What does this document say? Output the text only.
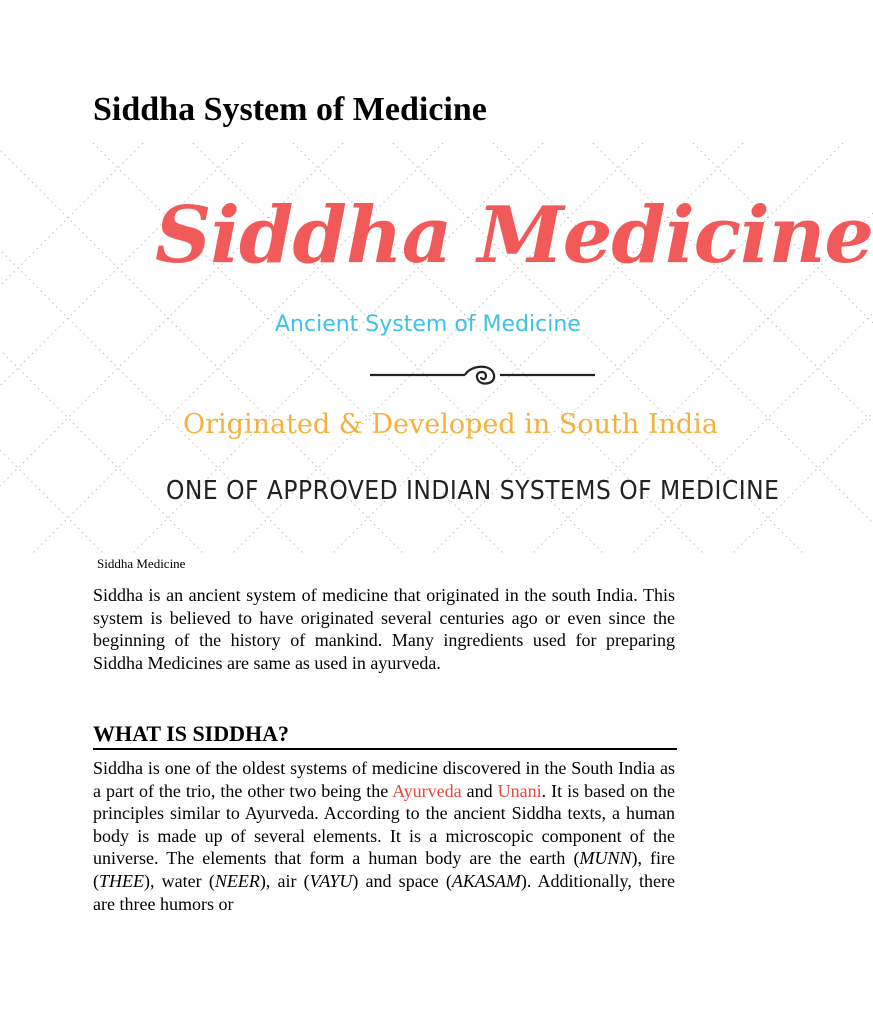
Siddha System of Medicine
Siddha Medicine
Ancient System of Medicine
Originated & Developed in South India
ONE OF APPROVED INDIAN SYSTEMS OF MEDICINE
Siddha Medicine

Siddha is an ancient system of medicine that originated in the south India. This system is believed to have originated several centuries ago or even since the beginning of the history of mankind. Many ingredients used for preparing Siddha Medicines are same as used in ayurveda.

WHAT IS SIDDHA?

Siddha is one of the oldest systems of medicine discovered in the South India as a part of the trio, the other two being the Ayurveda and Unani. It is based on the principles similar to Ayurveda. According to the ancient Siddha texts, a human body is made up of several elements. It is a microscopic component of the universe. The elements that form a human body are the earth (MUNN), fire (THEE), water (NEER), air (VAYU) and space (AKASAM). Additionally, there are three humors or
